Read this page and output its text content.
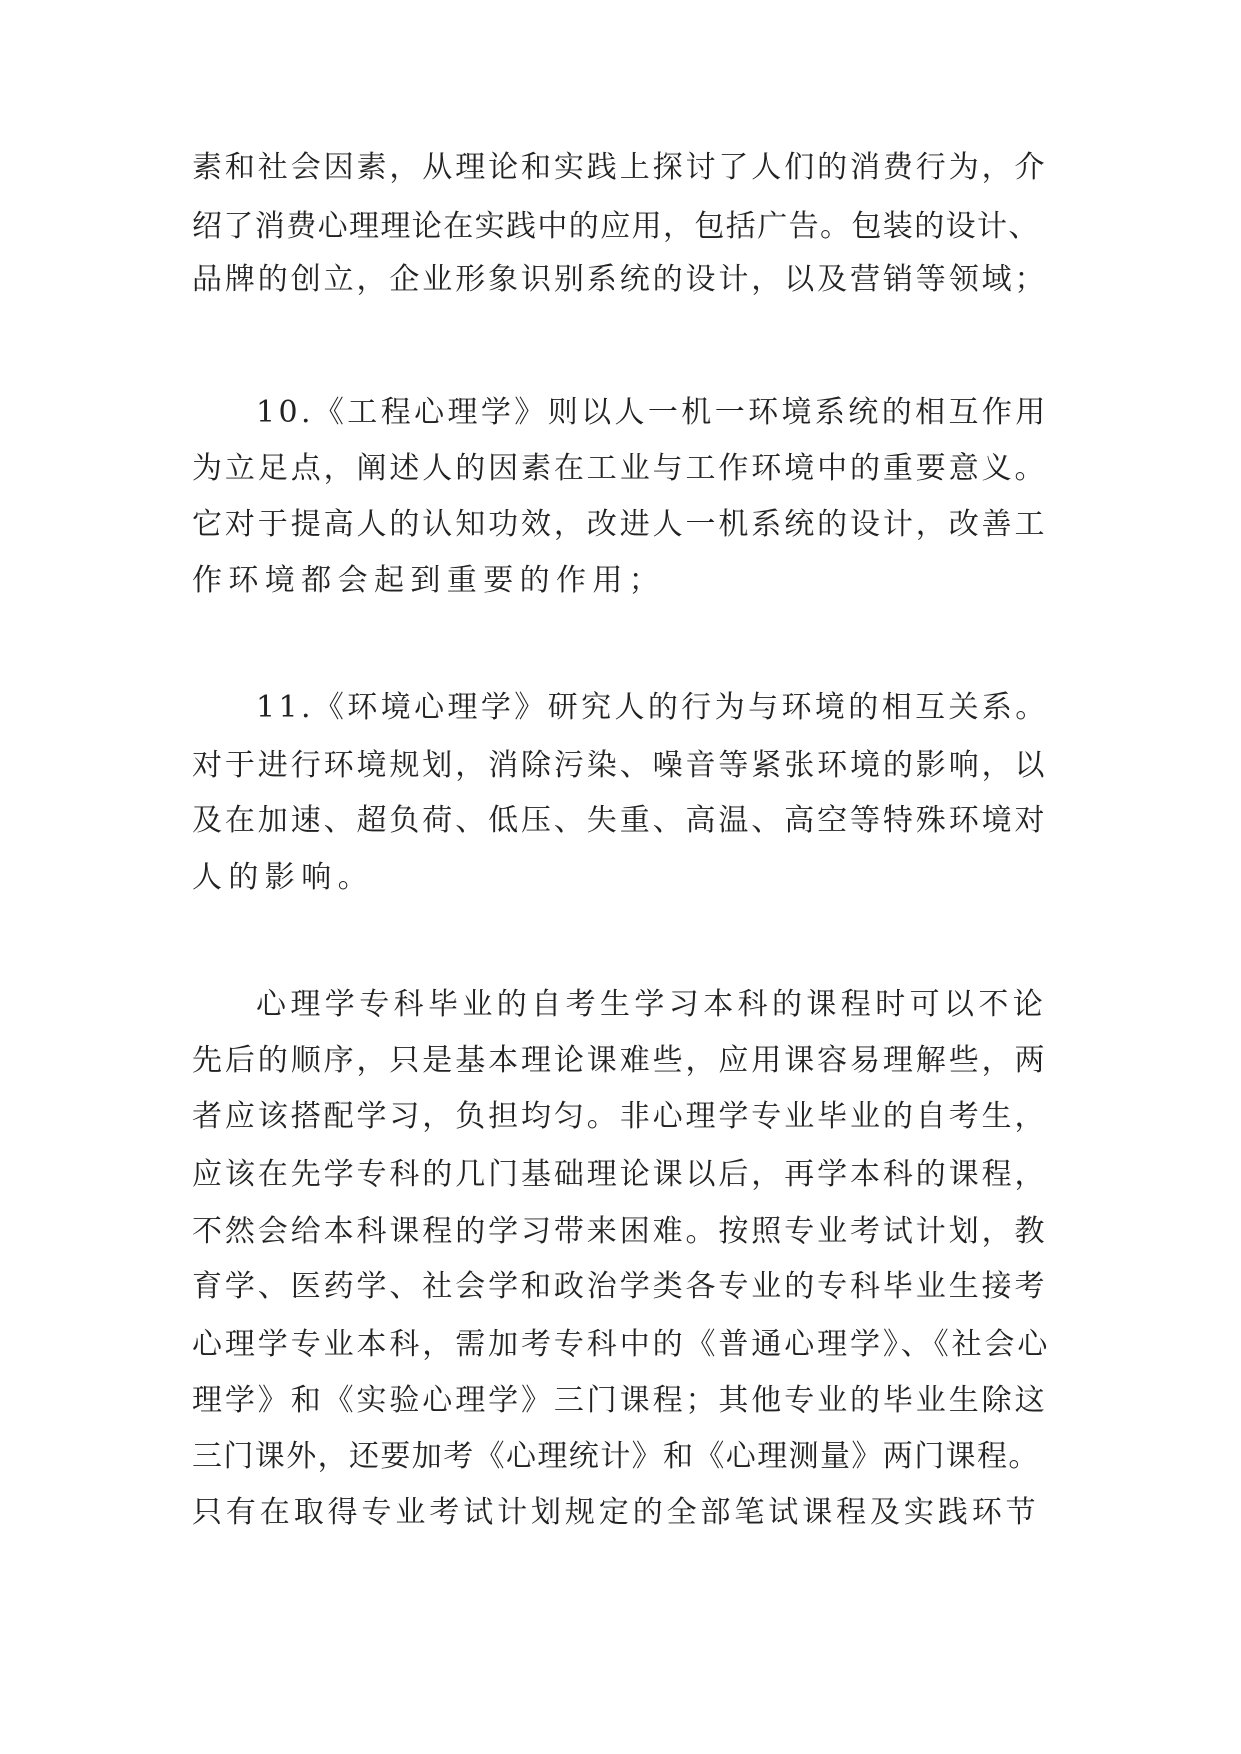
素和社会因素，从理论和实践上探讨了人们的消费行为，介
绍了消费心理理论在实践中的应用，包括广告。包装的设计、
品牌的创立，企业形象识别系统的设计，以及营销等领域；
10.《工程心理学》则以人一机一环境系统的相互作用
为立足点，阐述人的因素在工业与工作环境中的重要意义。
它对于提高人的认知功效，改进人一机系统的设计，改善工
作环境都会起到重要的作用；
11.《环境心理学》研究人的行为与环境的相互关系。
对于进行环境规划，消除污染、噪音等紧张环境的影响，以
及在加速、超负荷、低压、失重、高温、高空等特殊环境对
人的影响。
心理学专科毕业的自考生学习本科的课程时可以不论
先后的顺序，只是基本理论课难些，应用课容易理解些，两
者应该搭配学习，负担均匀。非心理学专业毕业的自考生，
应该在先学专科的几门基础理论课以后，再学本科的课程，
不然会给本科课程的学习带来困难。按照专业考试计划，教
育学、医药学、社会学和政治学类各专业的专科毕业生接考
心理学专业本科，需加考专科中的《普通心理学》、《社会心
理学》和《实验心理学》三门课程；其他专业的毕业生除这
三门课外，还要加考《心理统计》和《心理测量》两门课程。
只有在取得专业考试计划规定的全部笔试课程及实践环节
